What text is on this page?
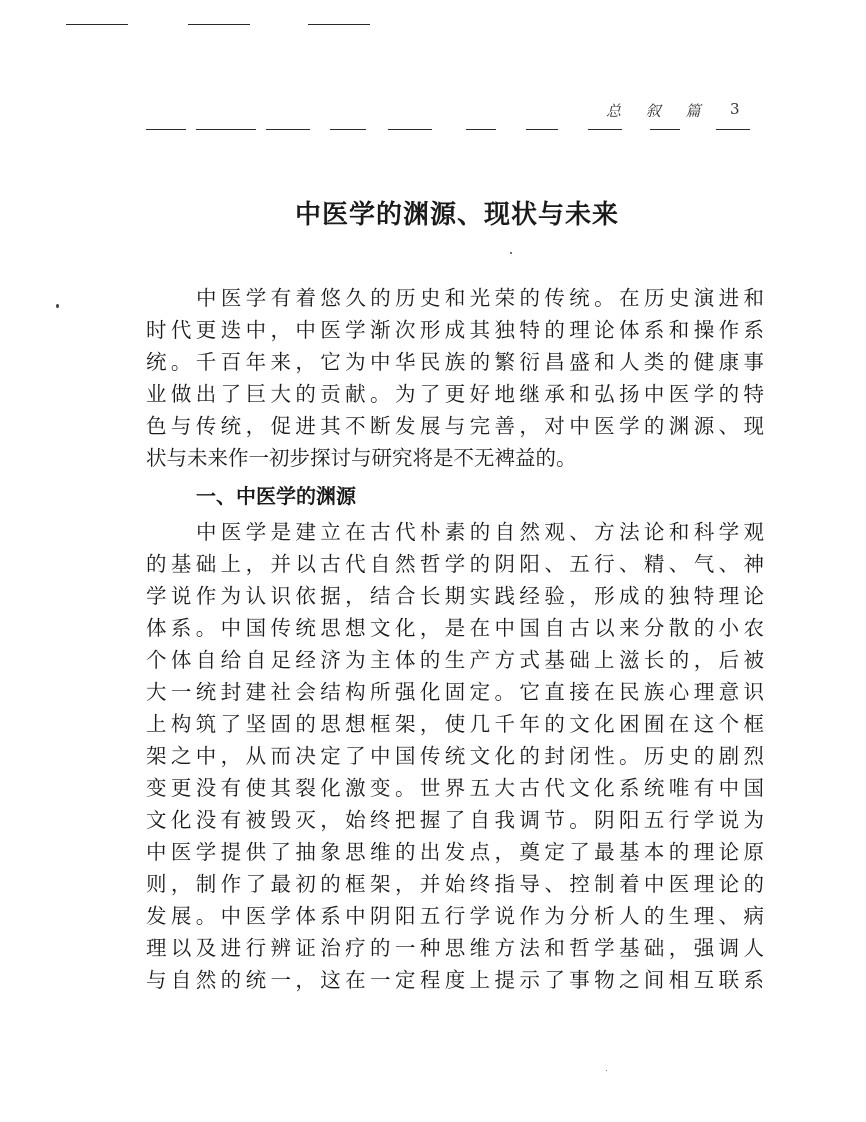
总 叙 篇 3
中医学的渊源、现状与未来
中医学有着悠久的历史和光荣的传统。在历史演进和
时代更迭中，中医学渐次形成其独特的理论体系和操作系
统。千百年来，它为中华民族的繁衍昌盛和人类的健康事
业做出了巨大的贡献。为了更好地继承和弘扬中医学的特
色与传统，促进其不断发展与完善，对中医学的渊源、现
状与未来作一初步探讨与研究将是不无裨益的。
一、中医学的渊源
中医学是建立在古代朴素的自然观、方法论和科学观
的基础上，并以古代自然哲学的阴阳、五行、精、气、神
学说作为认识依据，结合长期实践经验，形成的独特理论
体系。中国传统思想文化，是在中国自古以来分散的小农
个体自给自足经济为主体的生产方式基础上滋长的，后被
大一统封建社会结构所强化固定。它直接在民族心理意识
上构筑了坚固的思想框架，使几千年的文化困囿在这个框
架之中，从而决定了中国传统文化的封闭性。历史的剧烈
变更没有使其裂化激变。世界五大古代文化系统唯有中国
文化没有被毁灭，始终把握了自我调节。阴阳五行学说为
中医学提供了抽象思维的出发点，奠定了最基本的理论原
则，制作了最初的框架，并始终指导、控制着中医理论的
发展。中医学体系中阴阳五行学说作为分析人的生理、病
理以及进行辨证治疗的一种思维方法和哲学基础，强调人
与自然的统一，这在一定程度上提示了事物之间相互联系
